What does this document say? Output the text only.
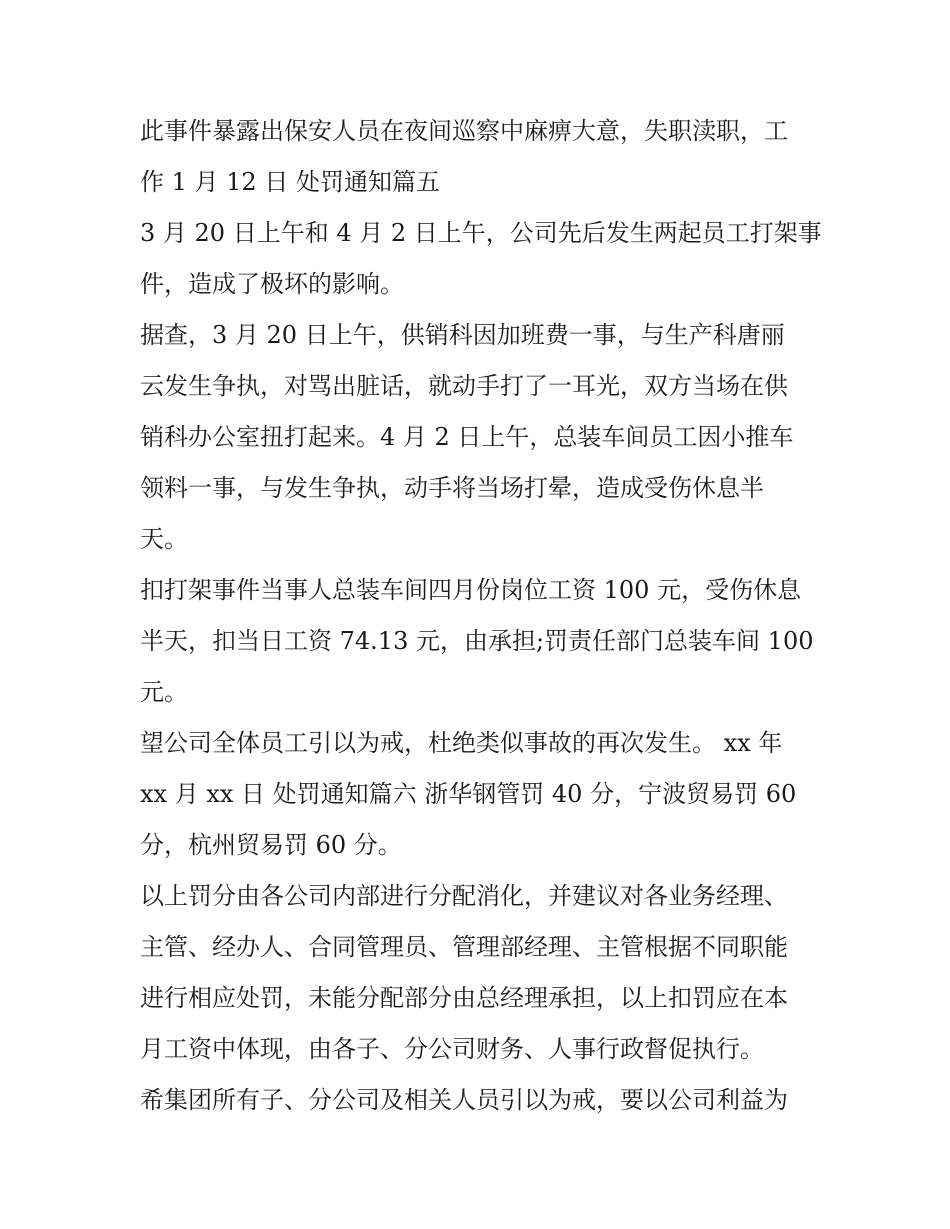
此事件暴露出保安人员在夜间巡察中麻痹大意，失职渎职，工
作 1 月 12 日 处罚通知篇五
3 月 20 日上午和 4 月 2 日上午，公司先后发生两起员工打架事
件，造成了极坏的影响。
据查，3 月 20 日上午，供销科因加班费一事，与生产科唐丽
云发生争执，对骂出脏话，就动手打了一耳光，双方当场在供
销科办公室扭打起来。4 月 2 日上午，总装车间员工因小推车
领料一事，与发生争执，动手将当场打晕，造成受伤休息半
天。
扣打架事件当事人总装车间四月份岗位工资 100 元，受伤休息
半天，扣当日工资 74.13 元，由承担;罚责任部门总装车间 100
元。
望公司全体员工引以为戒，杜绝类似事故的再次发生。 xx 年
xx 月 xx 日 处罚通知篇六 浙华钢管罚 40 分，宁波贸易罚 60
分，杭州贸易罚 60 分。
以上罚分由各公司内部进行分配消化，并建议对各业务经理、
主管、经办人、合同管理员、管理部经理、主管根据不同职能
进行相应处罚，未能分配部分由总经理承担，以上扣罚应在本
月工资中体现，由各子、分公司财务、人事行政督促执行。
希集团所有子、分公司及相关人员引以为戒，要以公司利益为
